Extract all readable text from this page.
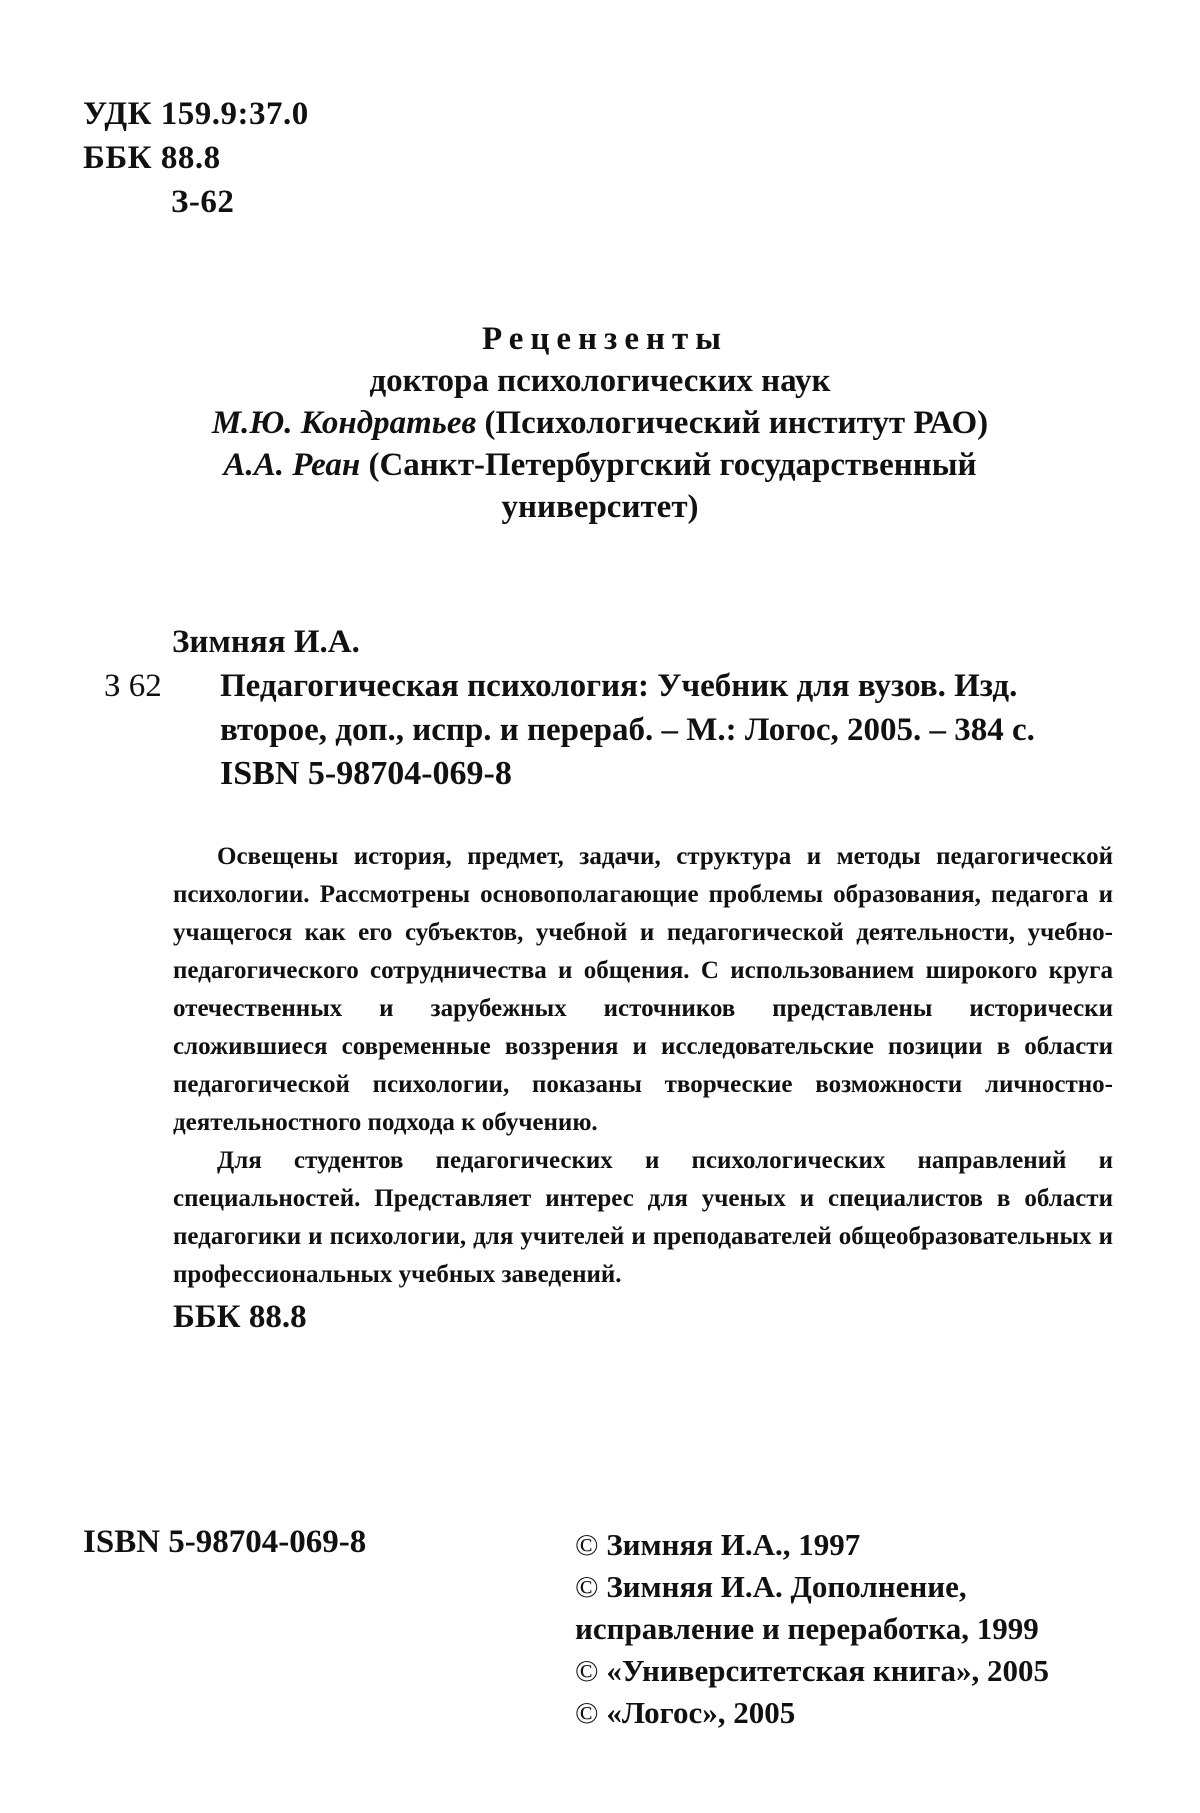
УДК 159.9:37.0
ББК 88.8
З-62
Рецензенты
доктора психологических наук
М.Ю. Кондратьев (Психологический институт РАО)
А.А. Реан (Санкт-Петербургский государственный
университет)
Зимняя И.А.
З 62 Педагогическая психология: Учебник для вузов. Изд.
второе, доп., испр. и перераб. – М.: Логос, 2005. – 384 с.
ISBN 5-98704-069-8

Освещены история, предмет, задачи, структура и методы педагогической психологии. Рассмотрены основополагающие проблемы образования, педагога и учащегося как его субъектов, учебной и педагогической деятельности, учебно-педагогического сотрудничества и общения. С использованием широкого круга отечественных и зарубежных источников представлены исторически сложившиеся современные воззрения и исследовательские позиции в области педагогической психологии, показаны творческие возможности личностно-деятельностного подхода к обучению.

Для студентов педагогических и психологических направлений и специальностей. Представляет интерес для ученых и специалистов в области педагогики и психологии, для учителей и преподавателей общеобразовательных и профессиональных учебных заведений.

ББК 88.8

ISBN 5-98704-069-8	© Зимняя И.А., 1997
© Зимняя И.А. Дополнение,
исправление и переработка, 1999
© «Университетская книга», 2005
© «Логос», 2005
